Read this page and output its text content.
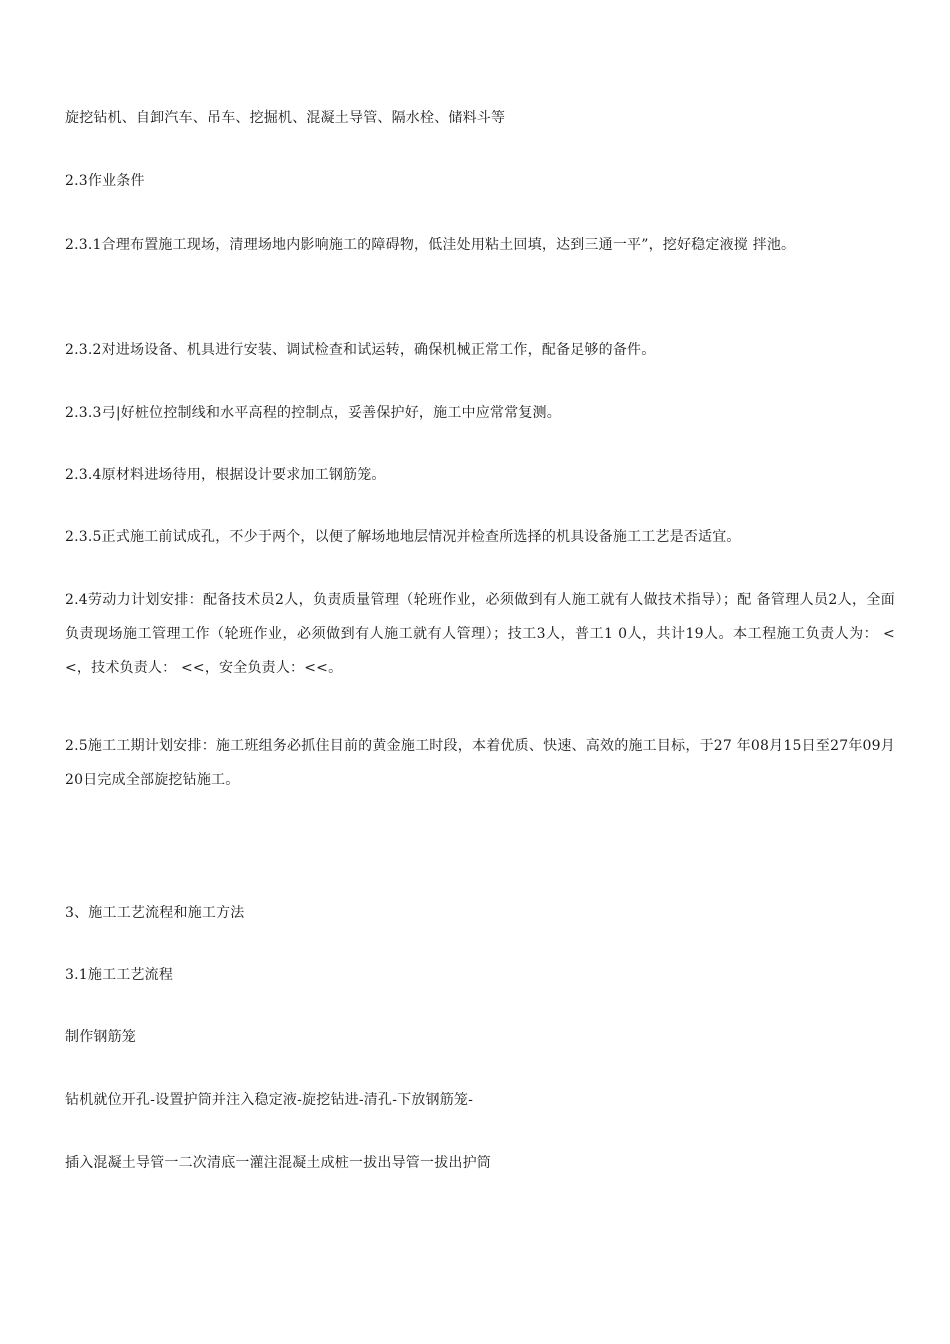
旋挖钻机、自卸汽车、吊车、挖掘机、混凝土导管、隔水栓、储料斗等

2.3作业条件

2.3.1合理布置施工现场，清理场地内影响施工的障碍物，低洼处用粘土回填，达到三通一平”，挖好稳定液搅 拌池。

2.3.2对进场设备、机具进行安装、调试检查和试运转，确保机械正常工作，配备足够的备件。

2.3.3弓|好桩位控制线和水平高程的控制点，妥善保护好，施工中应常常复测。

2.3.4原材料进场待用，根据设计要求加工钢筋笼。

2.3.5正式施工前试成孔，不少于两个，以便了解场地地层情况并检查所选择的机具设备施工工艺是否适宜。

2.4劳动力计划安排：配备技术员2人，负责质量管理（轮班作业，必须做到有人施工就有人做技术指导）；配 备管理人员2人，全面负责现场施工管理工作（轮班作业，必须做到有人施工就有人管理）；技工3人，普工1 0人，共计19人。本工程施工负责人为： <<，技术负责人： <<，安全负责人：<<。

2.5施工工期计划安排：施工班组务必抓住目前的黄金施工时段，本着优质、快速、高效的施工目标，于27 年08月15日至27年09月20日完成全部旋挖钻施工。

3、施工工艺流程和施工方法

3.1施工工艺流程

制作钢筋笼

钻机就位开孔-设置护筒并注入稳定液-旋挖钻进-清孔-下放钢筋笼-

插入混凝土导管一二次清底一灌注混凝土成桩一拔出导管一拔出护筒
